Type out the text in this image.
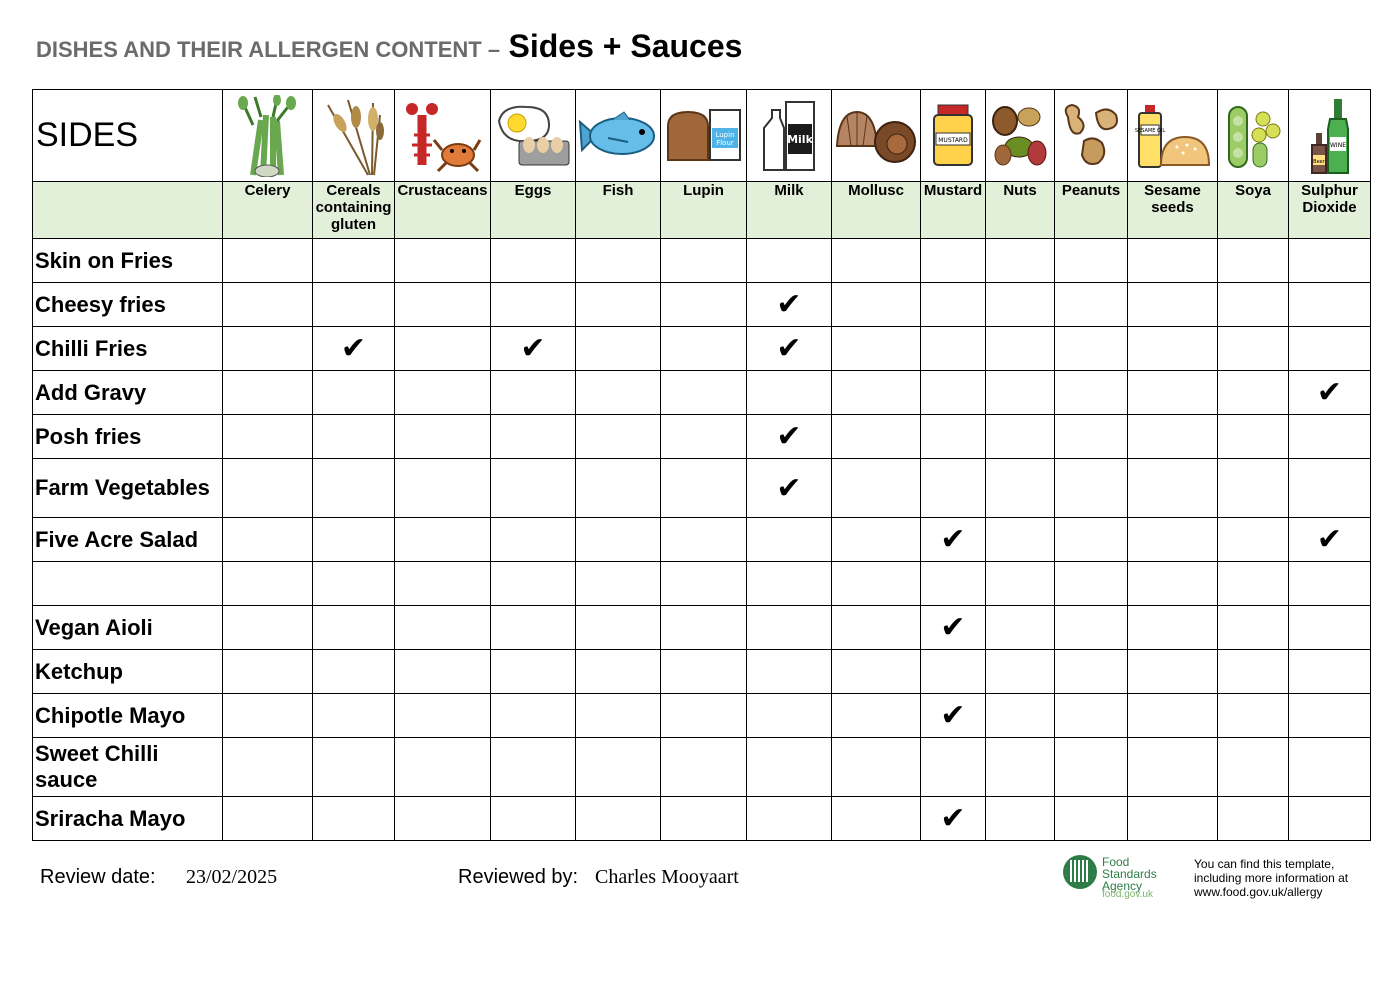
DISHES AND THEIR ALLERGEN CONTENT – Sides + Sauces
SIDES						Lupin
Flour	Milk		MUSTARD			SESAME OIL		WINE
Beer

	Celery	Cereals containing gluten	Crustaceans	Eggs	Fish	Lupin	Milk	Mollusc	Mustard	Nuts	Peanuts	Sesame seeds	Soya	Sulphur Dioxide
Skin on Fries														
Cheesy fries							✔							
Chilli Fries		✔		✔			✔							
Add Gravy														✔
Posh fries							✔							
Farm Vegetables							✔							
Five Acre Salad									✔					✔

Vegan Aioli									✔					
Ketchup														
Chipotle Mayo									✔					
Sweet Chilli sauce														
Sriracha Mayo									✔					
Review date: 23/02/2025	Reviewed by: Charles Mooyaart
Food Standards Agency
food.gov.uk
You can find this template, including more information at www.food.gov.uk/allergy
